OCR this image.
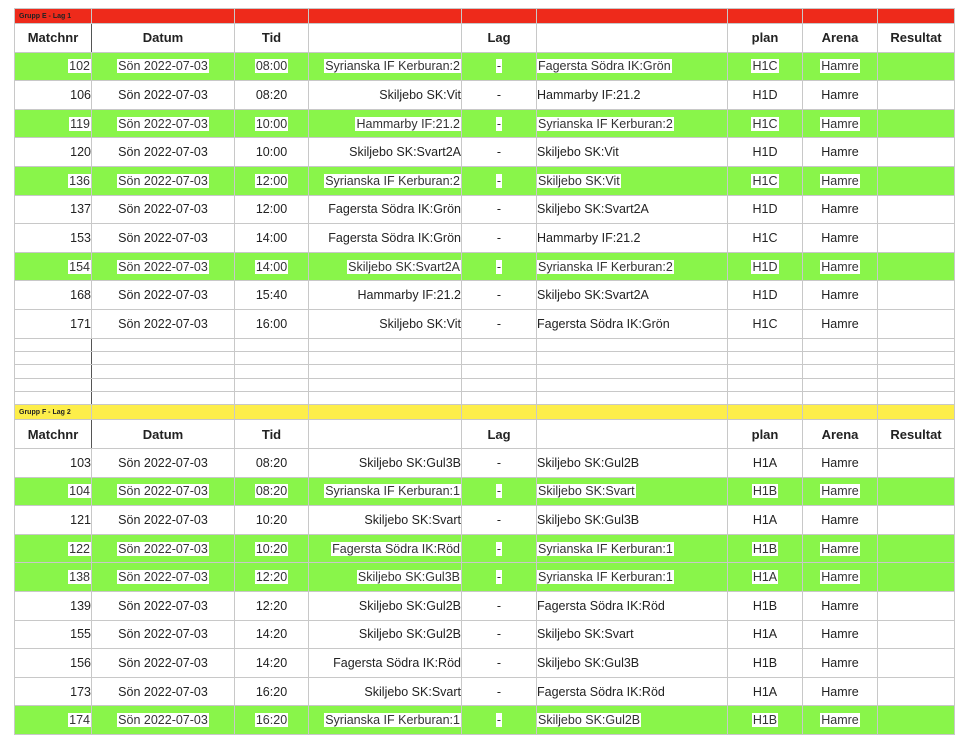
Grupp E - Lag 1								
Matchnr	Datum	Tid		Lag		plan	Arena	Resultat
102	Sön 2022-07-03	08:00	Syrianska IF Kerburan:2	-	Fagersta Södra IK:Grön	H1C	Hamre	
106	Sön 2022-07-03	08:20	Skiljebo SK:Vit	-	Hammarby IF:21.2	H1D	Hamre	
119	Sön 2022-07-03	10:00	Hammarby IF:21.2	-	Syrianska IF Kerburan:2	H1C	Hamre	
120	Sön 2022-07-03	10:00	Skiljebo SK:Svart2A	-	Skiljebo SK:Vit	H1D	Hamre	
136	Sön 2022-07-03	12:00	Syrianska IF Kerburan:2	-	Skiljebo SK:Vit	H1C	Hamre	
137	Sön 2022-07-03	12:00	Fagersta Södra IK:Grön	-	Skiljebo SK:Svart2A	H1D	Hamre	
153	Sön 2022-07-03	14:00	Fagersta Södra IK:Grön	-	Hammarby IF:21.2	H1C	Hamre	
154	Sön 2022-07-03	14:00	Skiljebo SK:Svart2A	-	Syrianska IF Kerburan:2	H1D	Hamre	
168	Sön 2022-07-03	15:40	Hammarby IF:21.2	-	Skiljebo SK:Svart2A	H1D	Hamre	
171	Sön 2022-07-03	16:00	Skiljebo SK:Vit	-	Fagersta Södra IK:Grön	H1C	Hamre	

Grupp F - Lag 2								
Matchnr	Datum	Tid		Lag		plan	Arena	Resultat
103	Sön 2022-07-03	08:20	Skiljebo SK:Gul3B	-	Skiljebo SK:Gul2B	H1A	Hamre	
104	Sön 2022-07-03	08:20	Syrianska IF Kerburan:1	-	Skiljebo SK:Svart	H1B	Hamre	
121	Sön 2022-07-03	10:20	Skiljebo SK:Svart	-	Skiljebo SK:Gul3B	H1A	Hamre	
122	Sön 2022-07-03	10:20	Fagersta Södra IK:Röd	-	Syrianska IF Kerburan:1	H1B	Hamre	
138	Sön 2022-07-03	12:20	Skiljebo SK:Gul3B	-	Syrianska IF Kerburan:1	H1A	Hamre	
139	Sön 2022-07-03	12:20	Skiljebo SK:Gul2B	-	Fagersta Södra IK:Röd	H1B	Hamre	
155	Sön 2022-07-03	14:20	Skiljebo SK:Gul2B	-	Skiljebo SK:Svart	H1A	Hamre	
156	Sön 2022-07-03	14:20	Fagersta Södra IK:Röd	-	Skiljebo SK:Gul3B	H1B	Hamre	
173	Sön 2022-07-03	16:20	Skiljebo SK:Svart	-	Fagersta Södra IK:Röd	H1A	Hamre	
174	Sön 2022-07-03	16:20	Syrianska IF Kerburan:1	-	Skiljebo SK:Gul2B	H1B	Hamre	
